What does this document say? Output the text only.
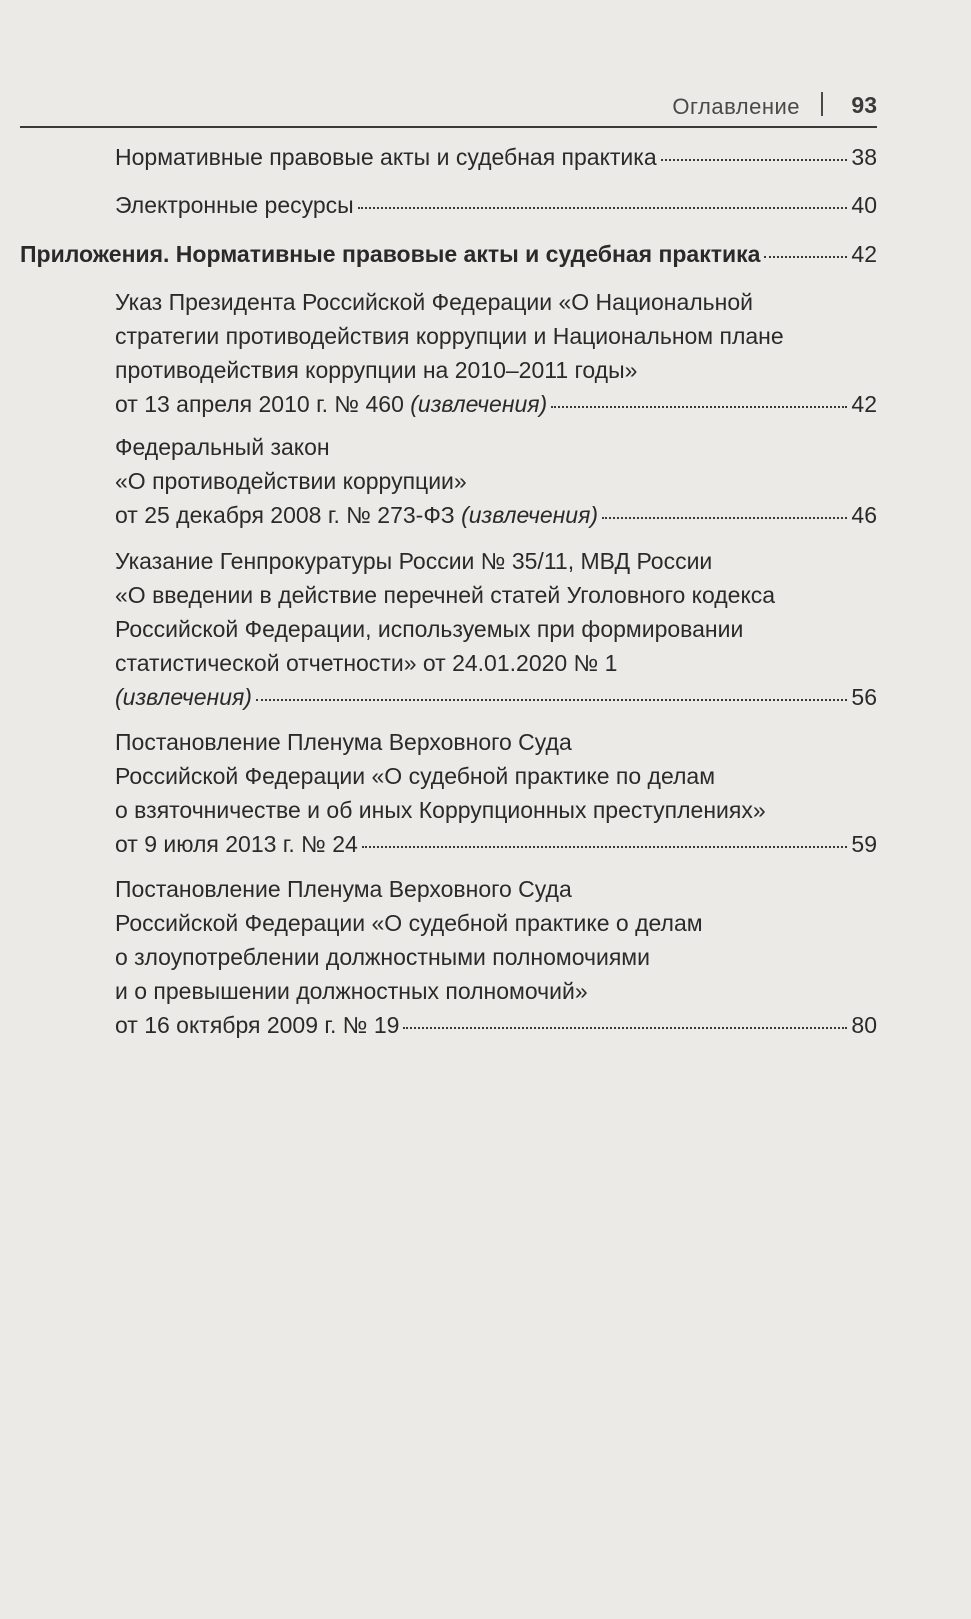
Оглавление 93
Нормативные правовые акты и судебная практика	38
Электронные ресурсы	40
Приложения. Нормативные правовые акты и судебная практика	42
Указ Президента Российской Федерации «О Национальной
стратегии противодействия коррупции и Национальном плане
противодействия коррупции на 2010–2011 годы»
от 13 апреля 2010 г. № 460 (извлечения)	42
Федеральный закон
«О противодействии коррупции»
от 25 декабря 2008 г. № 273-ФЗ (извлечения)	46
Указание Генпрокуратуры России № 35/11, МВД России
«О введении в действие перечней статей Уголовного кодекса
Российской Федерации, используемых при формировании
статистической отчетности» от 24.01.2020 № 1
(извлечения)	56
Постановление Пленума Верховного Суда
Российской Федерации «О судебной практике по делам
о взяточничестве и об иных Коррупционных преступлениях»
от 9 июля 2013 г. № 24	59
Постановление Пленума Верховного Суда
Российской Федерации «О судебной практике о делам
о злоупотреблении должностными полномочиями
и о превышении должностных полномочий»
от 16 октября 2009 г. № 19	80
